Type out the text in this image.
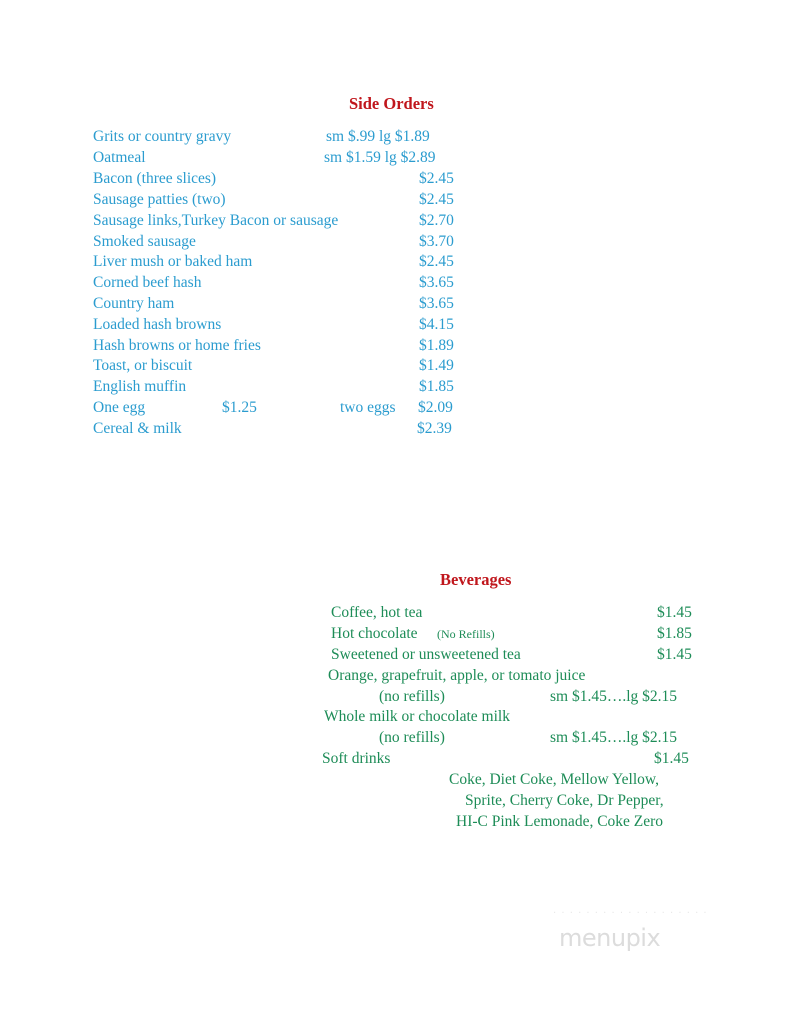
Side Orders
Grits or country gravy	sm $.99 lg $1.89
Oatmeal	sm $1.59 lg $2.89
Bacon (three slices)	$2.45
Sausage patties (two)	$2.45
Sausage links,Turkey Bacon or sausage	$2.70
Smoked sausage	$3.70
Liver mush or baked ham	$2.45
Corned beef hash	$3.65
Country ham	$3.65
Loaded hash browns	$4.15
Hash browns or home fries	$1.89
Toast, or biscuit	$1.49
English muffin	$1.85
One egg	$1.25	two eggs $2.09
Cereal & milk	$2.39
Beverages
Coffee, hot tea	$1.45
Hot chocolate (No Refills)	$1.85
Sweetened or unsweetened tea	$1.45
Orange, grapefruit, apple, or tomato juice
(no refills)	sm $1.45….lg $2.15
Whole milk or chocolate milk
(no refills)	sm $1.45….lg $2.15
Soft drinks	$1.45
Coke, Diet Coke, Mellow Yellow,
Sprite, Cherry Coke, Dr Pepper,
HI-C Pink Lemonade, Coke Zero
· · · · · · · · · · · · · · · · · · ·
menupix
